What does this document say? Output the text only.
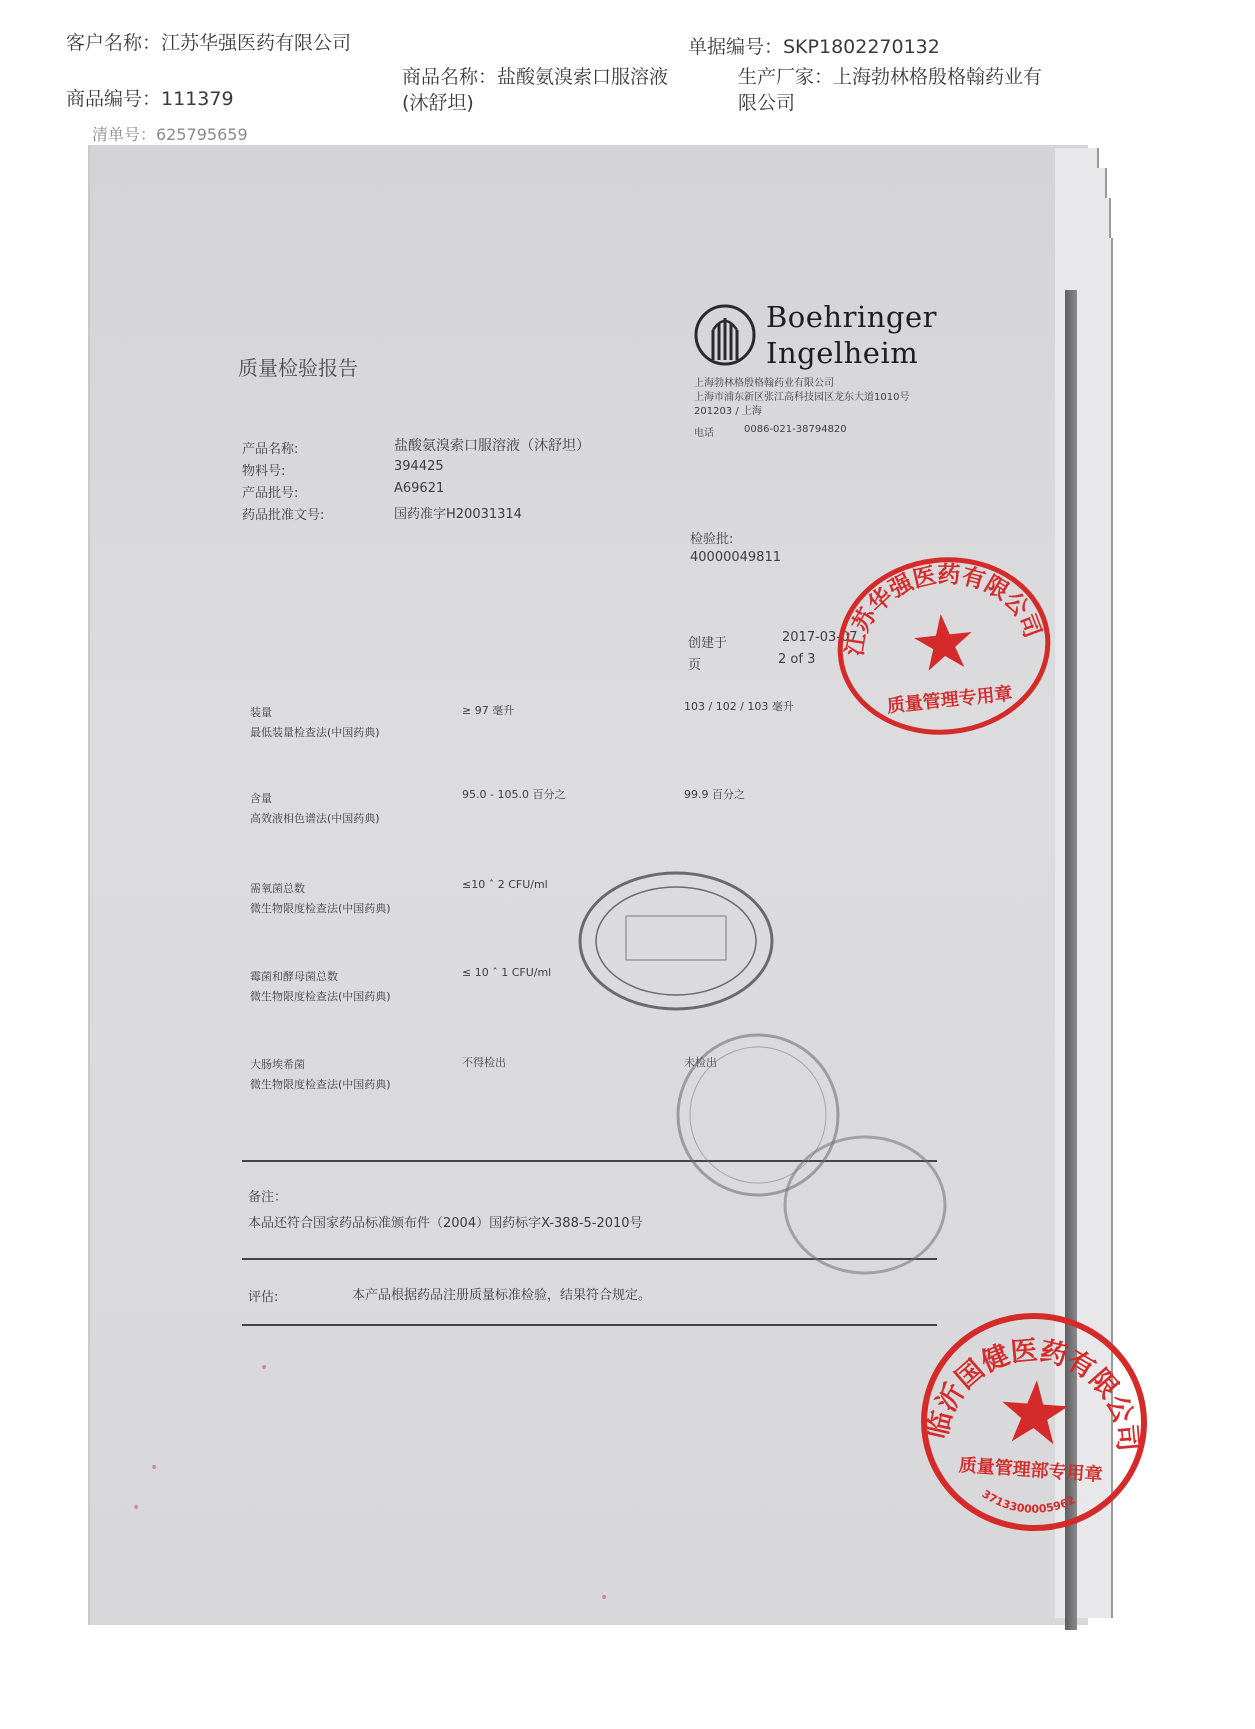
客户名称：江苏华强医药有限公司	单据编号：SKP1802270132
商品名称：盐酸氨溴索口服溶液(沐舒坦)
生产厂家：上海勃林格殷格翰药业有限公司
商品编号：111379
清单号：625795659
Boehringer
Ingelheim
上海勃林格殷格翰药业有限公司
上海市浦东新区张江高科技园区龙东大道1010号
201203 / 上海
电话	0086-021-38794820
质量检验报告
产品名称:	盐酸氨溴索口服溶液（沐舒坦）
物料号:	394425
产品批号:	A69621
药品批准文号:	国药准字H20031314
检验批:
40000049811
创建于	2017-03-07
页	2 of 3
装量
最低装量检查法(中国药典)
≥ 97 毫升	103 / 102 / 103 毫升
含量
高效液相色谱法(中国药典)
95.0 - 105.0 百分之	99.9 百分之
需氧菌总数
微生物限度检查法(中国药典)
≤10 ˆ 2 CFU/ml
霉菌和酵母菌总数
微生物限度检查法(中国药典)
≤ 10 ˆ 1 CFU/ml
大肠埃希菌
微生物限度检查法(中国药典)
不得检出	未检出
备注：
本品还符合国家药品标准颁布件（2004）国药标字X-388-5-2010号
评估:	本产品根据药品注册质量标准检验，结果符合规定。
江苏华强医药有限公司
质量管理专用章
临沂国健医药有限公司
质量管理部专用章
3713300005962
•
•
•
•
